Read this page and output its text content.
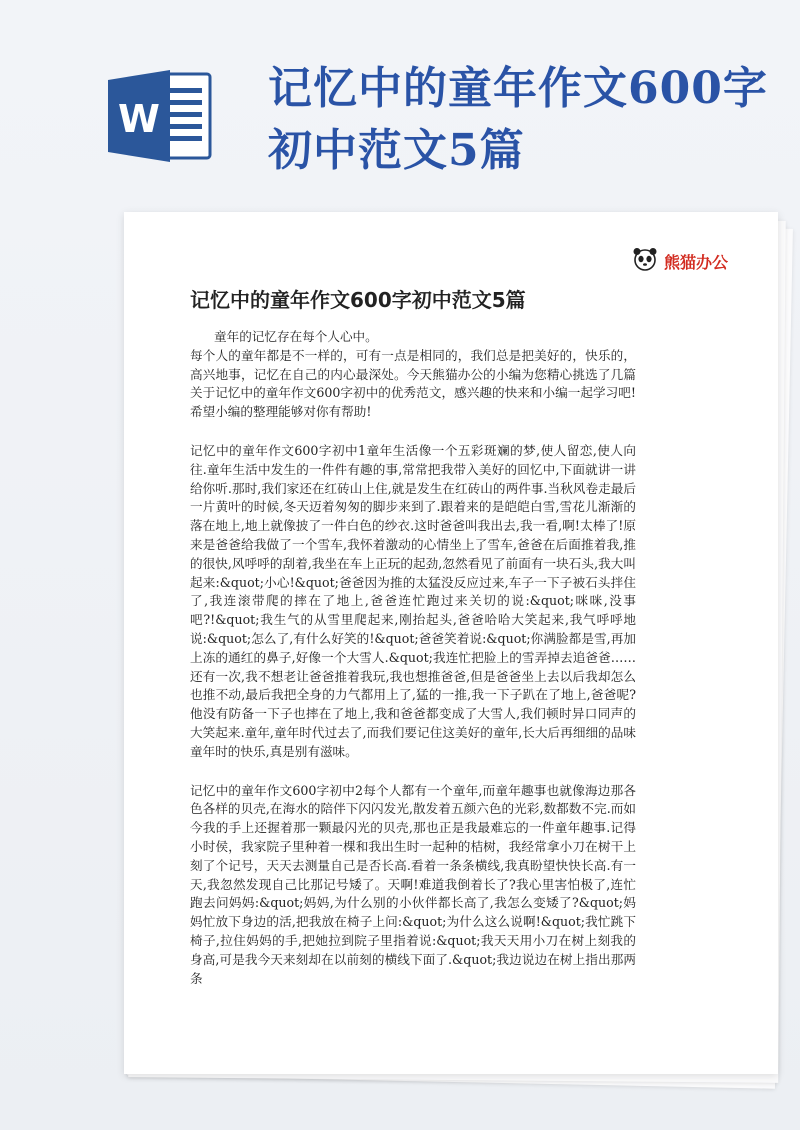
W
记忆中的童年作文600字初中范文5篇
熊猫办公
记忆中的童年作文600字初中范文5篇

童年的记忆存在每个人心中。

每个人的童年都是不一样的，可有一点是相同的，我们总是把美好的，快乐的，高兴地事，记忆在自己的内心最深处。今天熊猫办公的小编为您精心挑选了几篇关于记忆中的童年作文600字初中的优秀范文，感兴趣的快来和小编一起学习吧!希望小编的整理能够对你有帮助!

记忆中的童年作文600字初中1童年生活像一个五彩斑斓的梦,使人留恋,使人向往.童年生活中发生的一件件有趣的事,常常把我带入美好的回忆中,下面就讲一讲给你听.那时,我们家还在红砖山上住,就是发生在红砖山的两件事.当秋风卷走最后一片黄叶的时候,冬天迈着匆匆的脚步来到了.跟着来的是皑皑白雪,雪花儿渐渐的落在地上,地上就像披了一件白色的纱衣.这时爸爸叫我出去,我一看,啊!太棒了!原来是爸爸给我做了一个雪车,我怀着激动的心情坐上了雪车,爸爸在后面推着我,推的很快,风呼呼的刮着,我坐在车上正玩的起劲,忽然看见了前面有一块石头,我大叫起来:&quot;小心!&quot;爸爸因为推的太猛没反应过来,车子一下子被石头拌住了,我连滚带爬的摔在了地上,爸爸连忙跑过来关切的说:&quot;咪咪,没事吧?!&quot;我生气的从雪里爬起来,刚抬起头,爸爸哈哈大笑起来,我气呼呼地说:&quot;怎么了,有什么好笑的!&quot;爸爸笑着说:&quot;你满脸都是雪,再加上冻的通红的鼻子,好像一个大雪人.&quot;我连忙把脸上的雪弄掉去追爸爸……还有一次,我不想老让爸爸推着我玩,我也想推爸爸,但是爸爸坐上去以后我却怎么也推不动,最后我把全身的力气都用上了,猛的一推,我一下子趴在了地上,爸爸呢?他没有防备一下子也摔在了地上,我和爸爸都变成了大雪人,我们顿时异口同声的大笑起来.童年,童年时代过去了,而我们要记住这美好的童年,长大后再细细的品味童年时的快乐,真是别有滋味。

记忆中的童年作文600字初中2每个人都有一个童年,而童年趣事也就像海边那各色各样的贝壳,在海水的陪伴下闪闪发光,散发着五颜六色的光彩,数都数不完.而如今我的手上还握着那一颗最闪光的贝壳,那也正是我最难忘的一件童年趣事.记得小时侯，我家院子里种着一棵和我出生时一起种的桔树，我经常拿小刀在树干上刻了个记号，天天去测量自己是否长高.看着一条条横线,我真盼望快快长高.有一天,我忽然发现自己比那记号矮了。天啊!难道我倒着长了?我心里害怕极了,连忙跑去问妈妈:&quot;妈妈,为什么别的小伙伴都长高了,我怎么变矮了?&quot;妈妈忙放下身边的活,把我放在椅子上问:&quot;为什么这么说啊!&quot;我忙跳下椅子,拉住妈妈的手,把她拉到院子里指着说:&quot;我天天用小刀在树上刻我的身高,可是我今天来刻却在以前刻的横线下面了.&quot;我边说边在树上指出那两条
